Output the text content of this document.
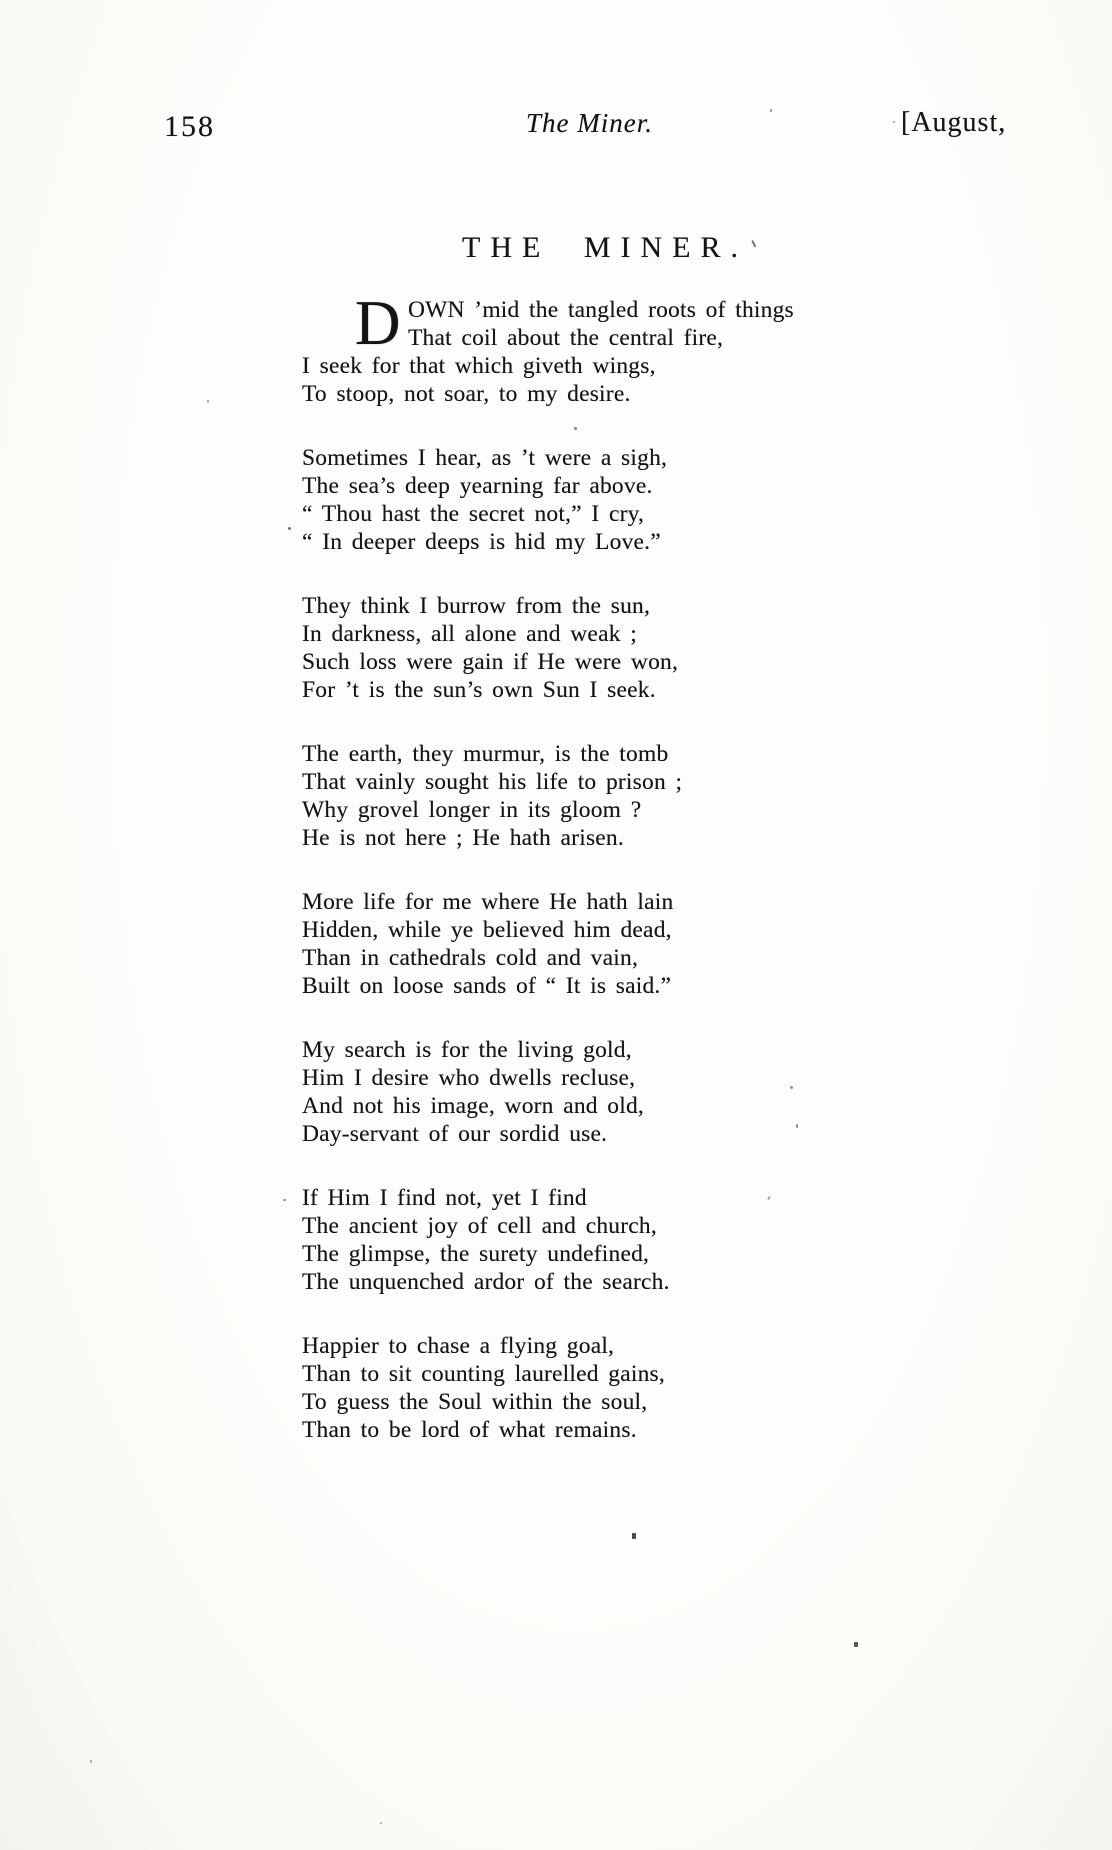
158	The Miner.	[August,
THE MINER.
D OWN ’mid the tangled roots of things
That coil about the central fire,
I seek for that which giveth wings,
To stoop, not soar, to my desire.
Sometimes I hear, as ’t were a sigh,
The sea’s deep yearning far above.
“ Thou hast the secret not,” I cry,
“ In deeper deeps is hid my Love.”
They think I burrow from the sun,
In darkness, all alone and weak ;
Such loss were gain if He were won,
For ’t is the sun’s own Sun I seek.
The earth, they murmur, is the tomb
That vainly sought his life to prison ;
Why grovel longer in its gloom ?
He is not here ; He hath arisen.
More life for me where He hath lain
Hidden, while ye believed him dead,
Than in cathedrals cold and vain,
Built on loose sands of “ It is said.”
My search is for the living gold,
Him I desire who dwells recluse,
And not his image, worn and old,
Day-servant of our sordid use.
If Him I find not, yet I find
The ancient joy of cell and church,
The glimpse, the surety undefined,
The unquenched ardor of the search.
Happier to chase a flying goal,
Than to sit counting laurelled gains,
To guess the Soul within the soul,
Than to be lord of what remains.
